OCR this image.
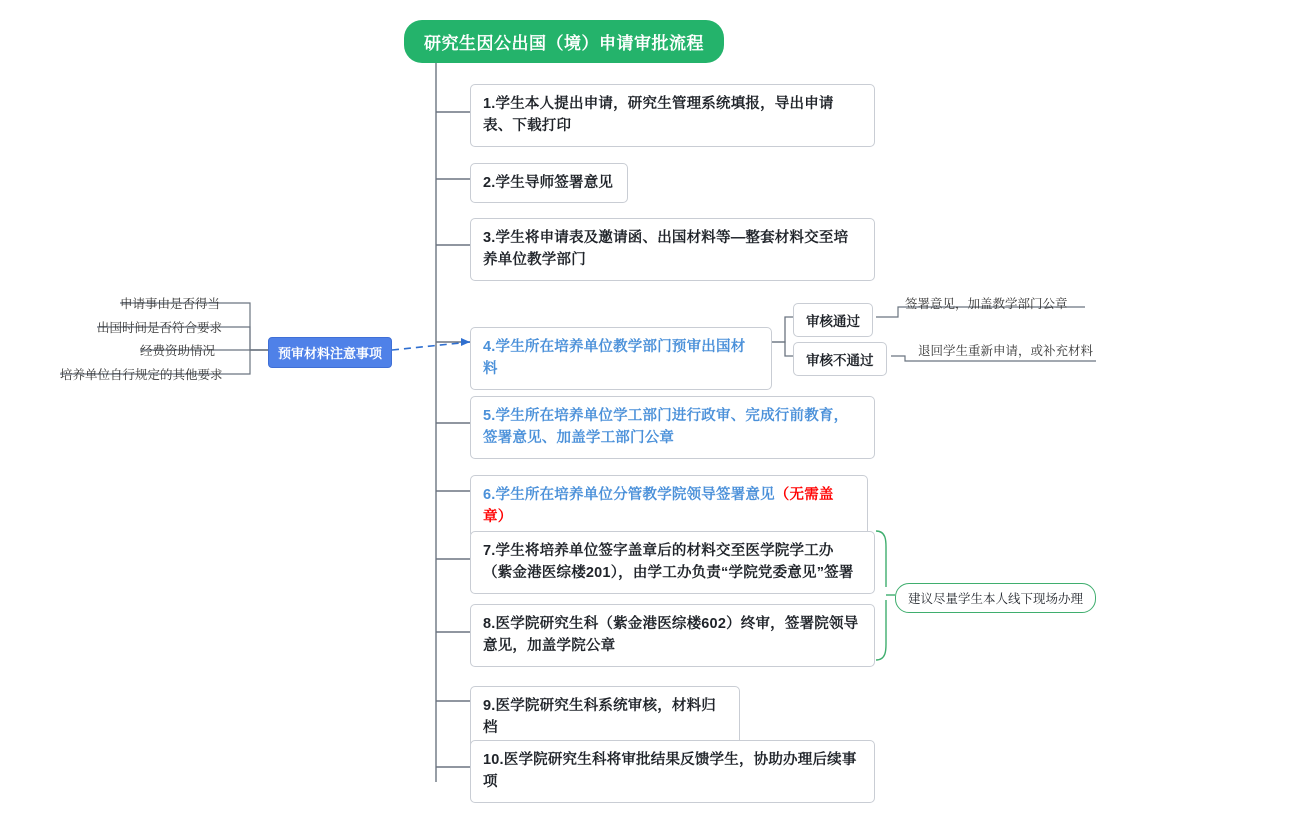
研究生因公出国（境）申请审批流程
1.学生本人提出申请，研究生管理系统填报，导出申请表、下载打印
2.学生导师签署意见
3.学生将申请表及邀请函、出国材料等—整套材料交至培养单位教学部门
4.学生所在培养单位教学部门预审出国材料
审核通过
审核不通过
签署意见，加盖教学部门公章
退回学生重新申请，或补充材料
预审材料注意事项
申请事由是否得当
出国时间是否符合要求
经费资助情况
培养单位自行规定的其他要求
5.学生所在培养单位学工部门进行政审、完成行前教育，签署意见、加盖学工部门公章
6.学生所在培养单位分管教学院领导签署意见（无需盖章）
7.学生将培养单位签字盖章后的材料交至医学院学工办（紫金港医综楼201），由学工办负责“学院党委意见”签署
8.医学院研究生科（紫金港医综楼602）终审，签署院领导意见，加盖学院公章
建议尽量学生本人线下现场办理
9.医学院研究生科系统审核，材料归档
10.医学院研究生科将审批结果反馈学生，协助办理后续事项
